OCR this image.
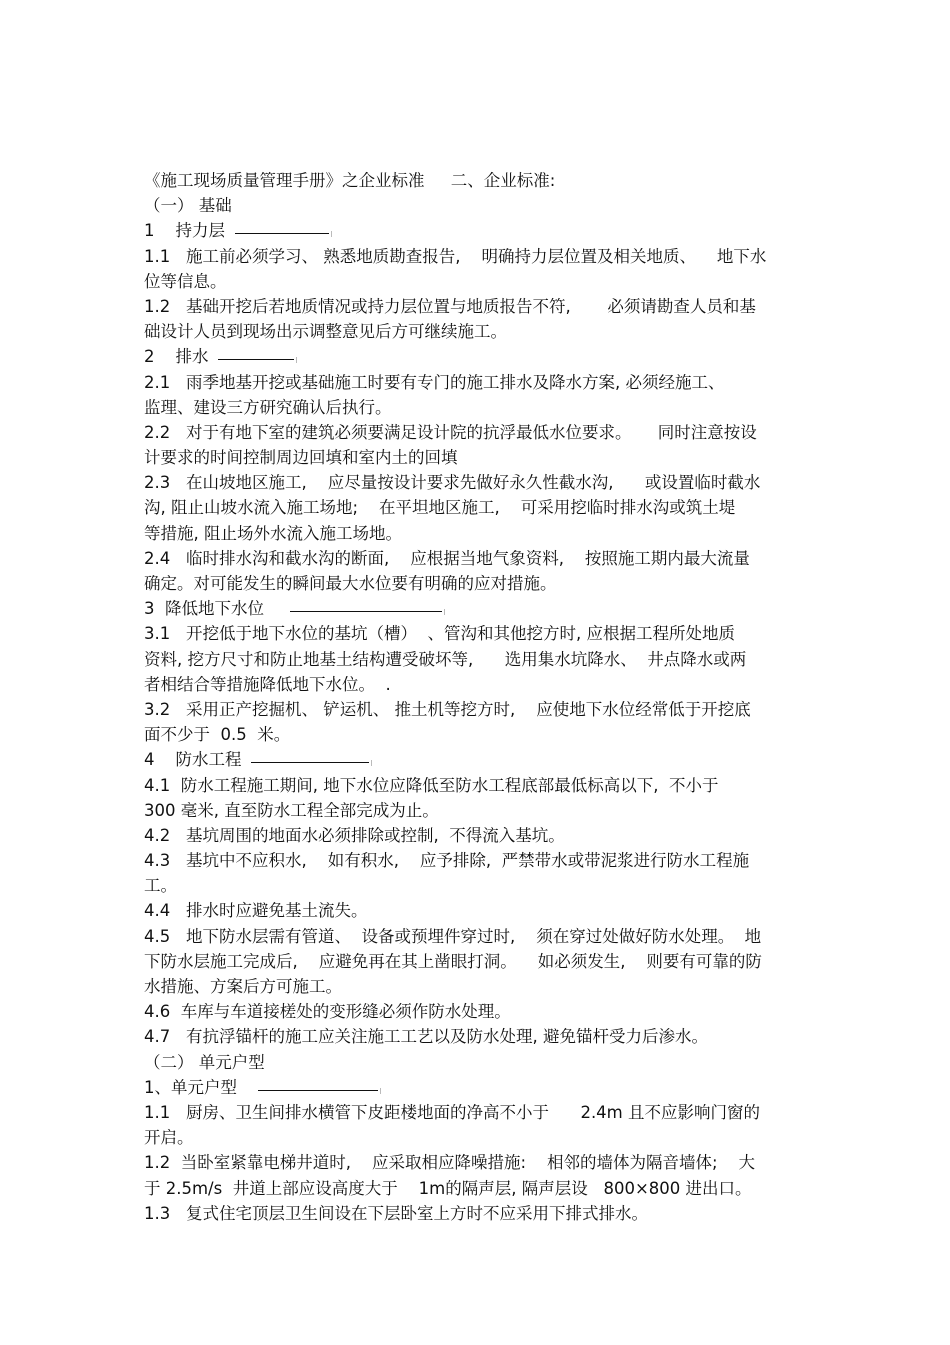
《施工现场质量管理手册》之企业标准     二、企业标准:
（一） 基础
1    持力层
1.1   施工前必须学习、 熟悉地质勘查报告,    明确持力层位置及相关地质、    地下水
位等信息。
1.2   基础开挖后若地质情况或持力层位置与地质报告不符,       必须请勘查人员和基
础设计人员到现场出示调整意见后方可继续施工。
2    排水
2.1   雨季地基开挖或基础施工时要有专门的施工排水及降水方案, 必须经施工、
监理、建设三方研究确认后执行。
2.2   对于有地下室的建筑必须要满足设计院的抗浮最低水位要求。     同时注意按设
计要求的时间控制周边回填和室内土的回填
2.3   在山坡地区施工,    应尽量按设计要求先做好永久性截水沟,      或设置临时截水
沟, 阻止山坡水流入施工场地;    在平坦地区施工,    可采用挖临时排水沟或筑土堤
等措施, 阻止场外水流入施工场地。
2.4   临时排水沟和截水沟的断面,    应根据当地气象资料,    按照施工期内最大流量
确定。对可能发生的瞬间最大水位要有明确的应对措施。
3  降低地下水位
3.1   开挖低于地下水位的基坑（槽）  、管沟和其他挖方时, 应根据工程所处地质
资料, 挖方尺寸和防止地基土结构遭受破坏等,      选用集水坑降水、  井点降水或两
者相结合等措施降低地下水位。  .
3.2   采用正产挖掘机、 铲运机、 推土机等挖方时,    应使地下水位经常低于开挖底
面不少于  0.5  米。
4    防水工程
4.1  防水工程施工期间, 地下水位应降低至防水工程底部最低标高以下,  不小于
300 毫米, 直至防水工程全部完成为止。
4.2   基坑周围的地面水必须排除或控制,  不得流入基坑。
4.3   基坑中不应积水,    如有积水,    应予排除,  严禁带水或带泥浆进行防水工程施
工。
4.4   排水时应避免基土流失。
4.5   地下防水层需有管道、  设备或预埋件穿过时,    须在穿过处做好防水处理。  地
下防水层施工完成后,    应避免再在其上凿眼打洞。    如必须发生,    则要有可靠的防
水措施、方案后方可施工。
4.6  车库与车道接槎处的变形缝必须作防水处理。
4.7   有抗浮锚杆的施工应关注施工工艺以及防水处理, 避免锚杆受力后渗水。
（二） 单元户型
1、单元户型
1.1   厨房、卫生间排水横管下皮距楼地面的净高不小于      2.4m 且不应影响门窗的
开启。
1.2  当卧室紧靠电梯井道时,    应采取相应降噪措施:    相邻的墙体为隔音墙体;    大
于 2.5m/s  井道上部应设高度大于    1m的隔声层, 隔声层设   800×800 进出口。
1.3   复式住宅顶层卫生间设在下层卧室上方时不应采用下排式排水。
